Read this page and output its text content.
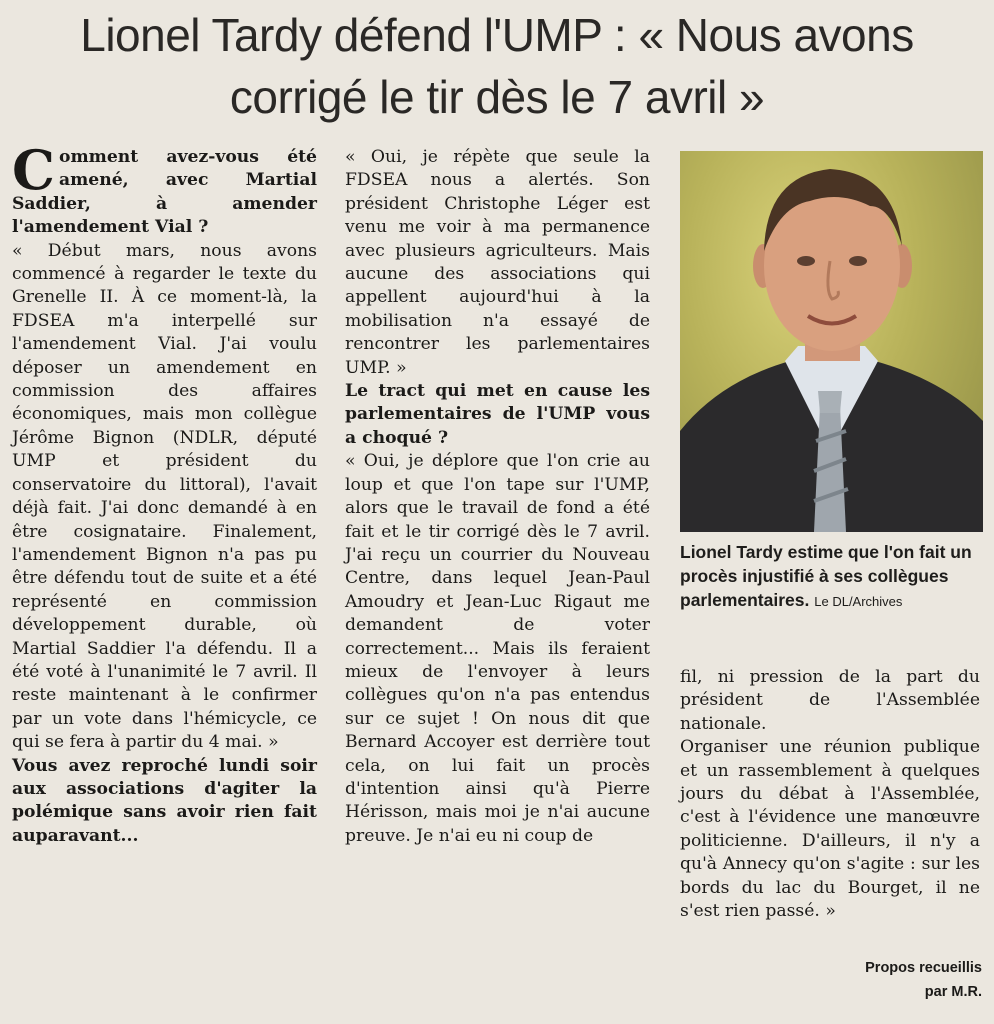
Lionel Tardy défend l'UMP : « Nous avons corrigé le tir dès le 7 avril »

Comment avez-vous été amené, avec Martial Saddier, à amender l'amendement Vial ?

« Début mars, nous avons commencé à regarder le texte du Grenelle II. À ce moment-là, la FDSEA m'a interpellé sur l'amendement Vial. J'ai voulu déposer un amendement en commission des affaires économiques, mais mon collègue Jérôme Bignon (NDLR, député UMP et président du conservatoire du littoral), l'avait déjà fait. J'ai donc demandé à en être cosignataire. Finalement, l'amendement Bignon n'a pas pu être défendu tout de suite et a été représenté en commission développement durable, où Martial Saddier l'a défendu. Il a été voté à l'unanimité le 7 avril. Il reste maintenant à le confirmer par un vote dans l'hémicycle, ce qui se fera à partir du 4 mai. »

Vous avez reproché lundi soir aux associations d'agiter la polémique sans avoir rien fait auparavant...

« Oui, je répète que seule la FDSEA nous a alertés. Son président Christophe Léger est venu me voir à ma permanence avec plusieurs agriculteurs. Mais aucune des associations qui appellent aujourd'hui à la mobilisation n'a essayé de rencontrer les parlementaires UMP. »

Le tract qui met en cause les parlementaires de l'UMP vous a choqué ?

« Oui, je déplore que l'on crie au loup et que l'on tape sur l'UMP, alors que le travail de fond a été fait et le tir corrigé dès le 7 avril. J'ai reçu un courrier du Nouveau Centre, dans lequel Jean-Paul Amoudry et Jean-Luc Rigaut me demandent de voter correctement... Mais ils feraient mieux de l'envoyer à leurs collègues qu'on n'a pas entendus sur ce sujet ! On nous dit que Bernard Accoyer est derrière tout cela, on lui fait un procès d'intention ainsi qu'à Pierre Hérisson, mais moi je n'ai aucune preuve. Je n'ai eu ni coup de

Lionel Tardy estime que l'on fait un procès injustifié à ses collègues parlementaires. Le DL/Archives

fil, ni pression de la part du président de l'Assemblée nationale.

Organiser une réunion publique et un rassemblement à quelques jours du débat à l'Assemblée, c'est à l'évidence une manœuvre politicienne. D'ailleurs, il n'y a qu'à Annecy qu'on s'agite : sur les bords du lac du Bourget, il ne s'est rien passé. »

Propos recueillis
par M.R.
